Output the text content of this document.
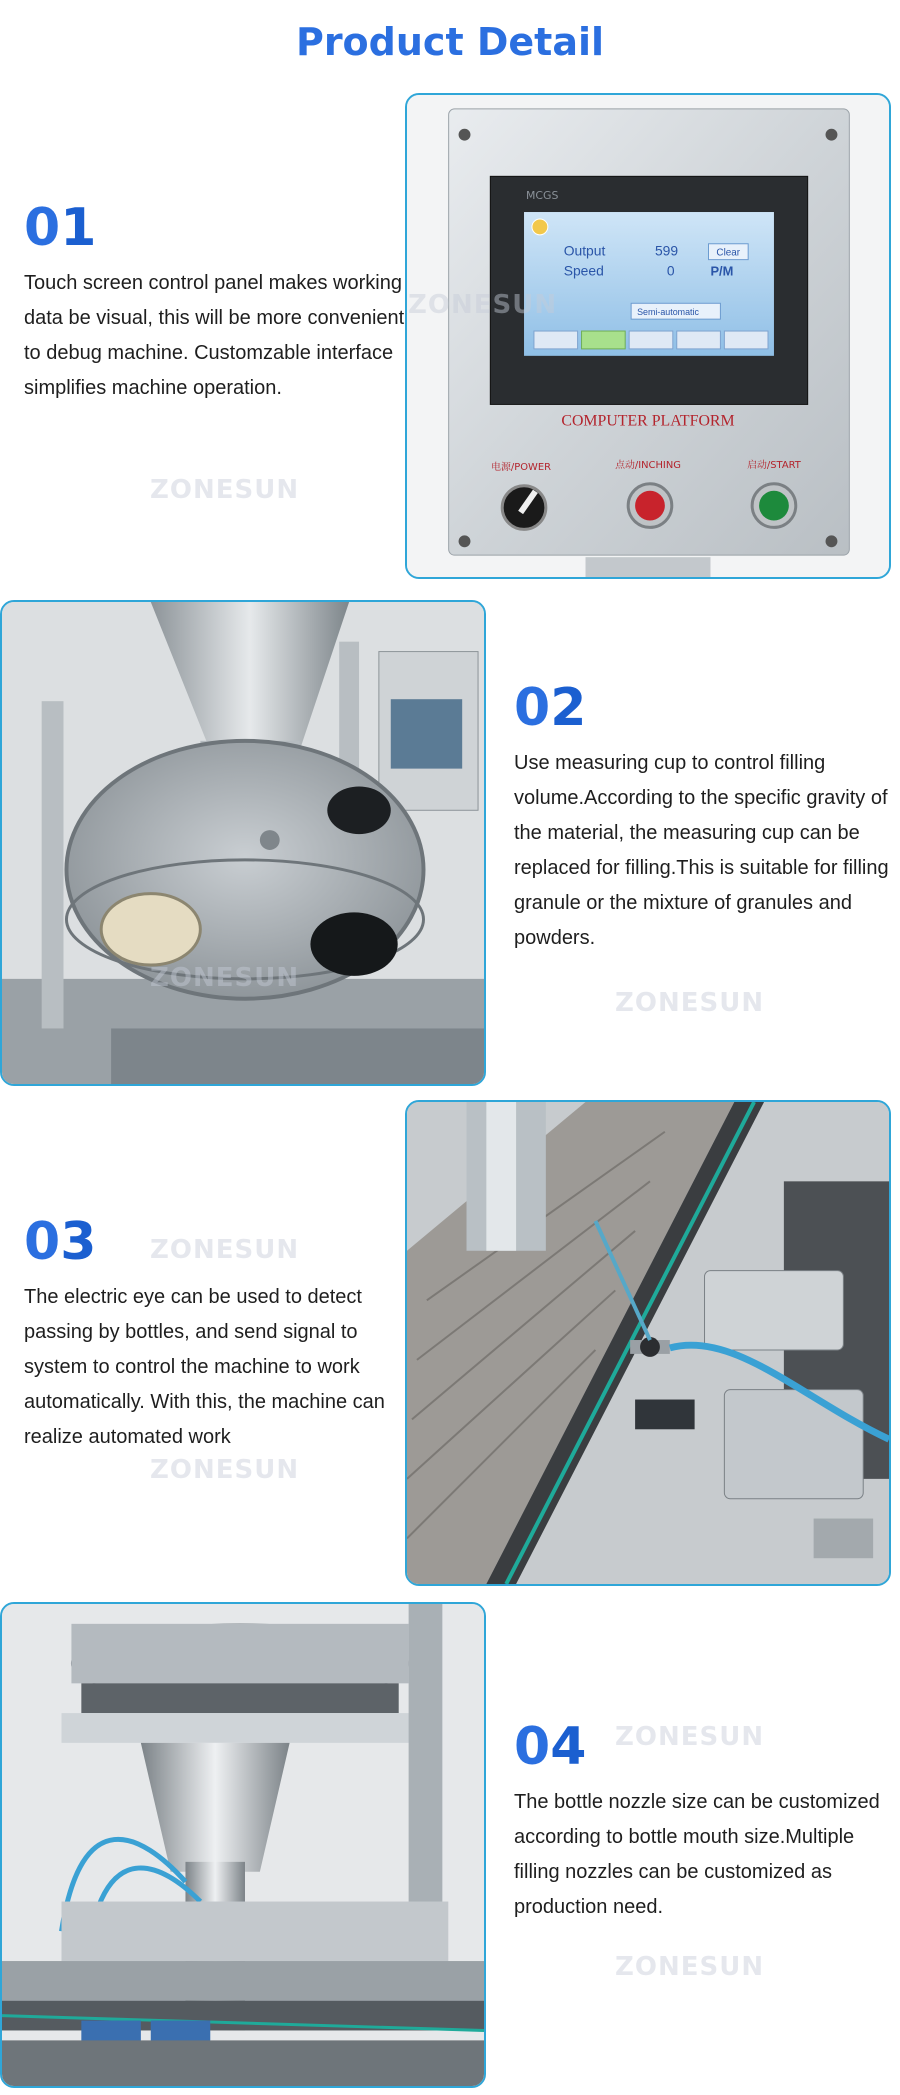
Product Detail
01
Touch screen control panel makes working data be visual, this will be more convenient to debug machine. Customzable interface simplifies machine operation.
MCGS
Output	599	Clear
Speed	0	P/M
Semi-automatic
COMPUTER PLATFORM
电源/POWER	点动/INCHING	启动/START
ZONESUN
ZONESUN
02
Use measuring cup to control filling volume.According to the specific gravity of the material, the measuring cup can be replaced for filling.This is suitable for filling granule or the mixture of granules and powders.
ZONESUN
ZONESUN
03
The electric eye can be used to detect passing by bottles, and send signal to system to control the machine to work automatically. With this, the machine can realize automated work
ZONESUN
ZONESUN
04
The bottle nozzle size can be customized according to bottle mouth size.Multiple filling nozzles can be customized as production need.
ZONESUN
ZONESUN
